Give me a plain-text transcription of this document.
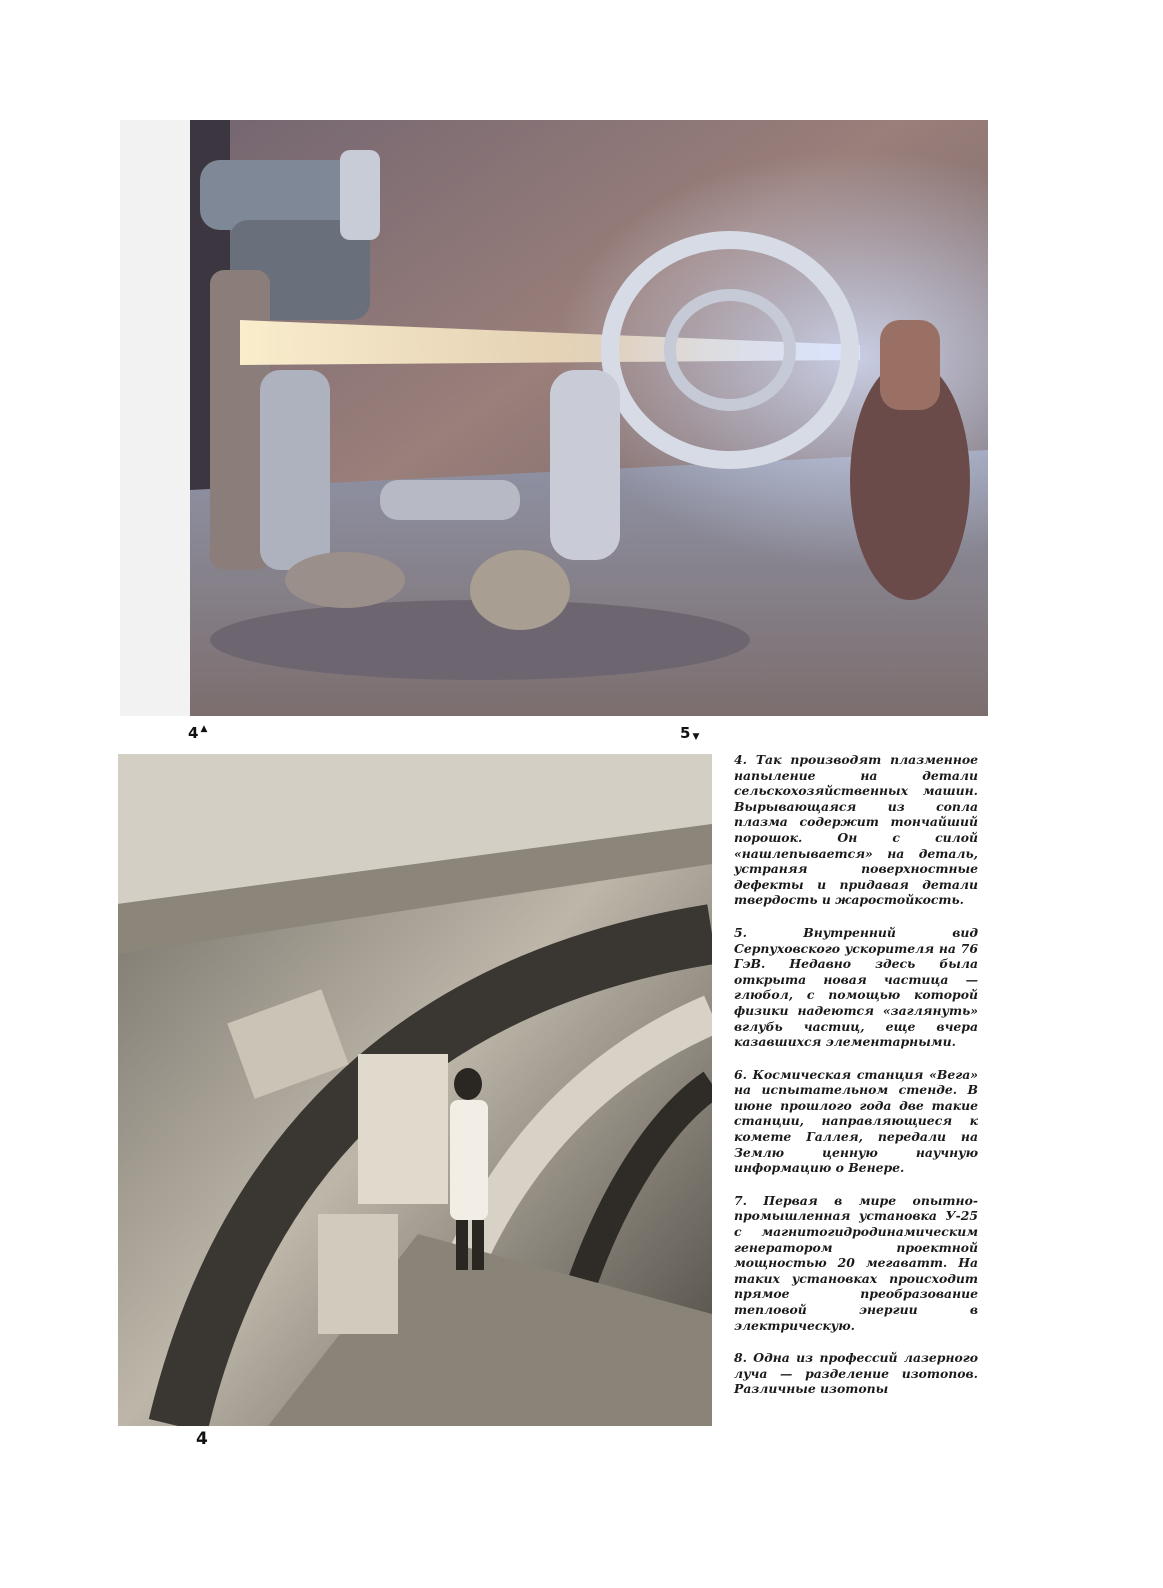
4 ▲	5 ▼

4. Так производят плазменное напыление на детали сельскохозяйственных машин. Вырывающаяся из сопла плазма содержит тончайший порошок. Он с силой «нашлепывается» на деталь, устраняя поверхностные дефекты и придавая детали твердость и жаростойкость.

5. Внутренний вид Серпуховского ускорителя на 76 ГэВ. Недавно здесь была открыта новая частица — глюбол, с помощью которой физики надеются «заглянуть» вглубь частиц, еще вчера казавшихся элементарными.

6. Космическая станция «Вега» на испытательном стенде. В июне прошлого года две такие станции, направляющиеся к комете Галлея, передали на Землю ценную научную информацию о Венере.

7. Первая в мире опытно-промышленная установка У-25 с магнитогидродинамическим генератором проектной мощностью 20 мегаватт. На таких установках происходит прямое преобразование тепловой энергии в электрическую.

8. Одна из профессий лазерного луча — разделение изотопов. Различные изотопы

4
